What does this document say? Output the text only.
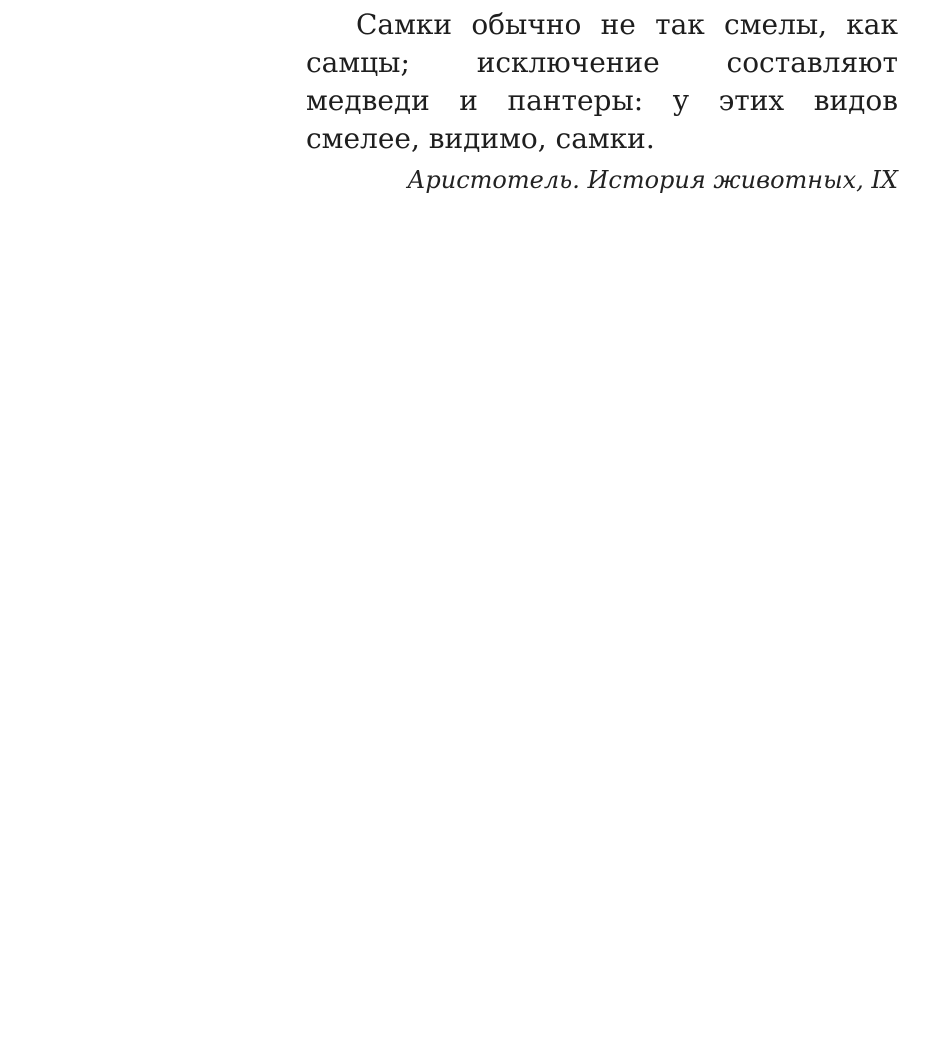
Самки обычно не так смелы, как самцы; исключение составляют медведи и пантеры: у этих видов смелее, видимо, самки.

Аристотель. История животных, IX
